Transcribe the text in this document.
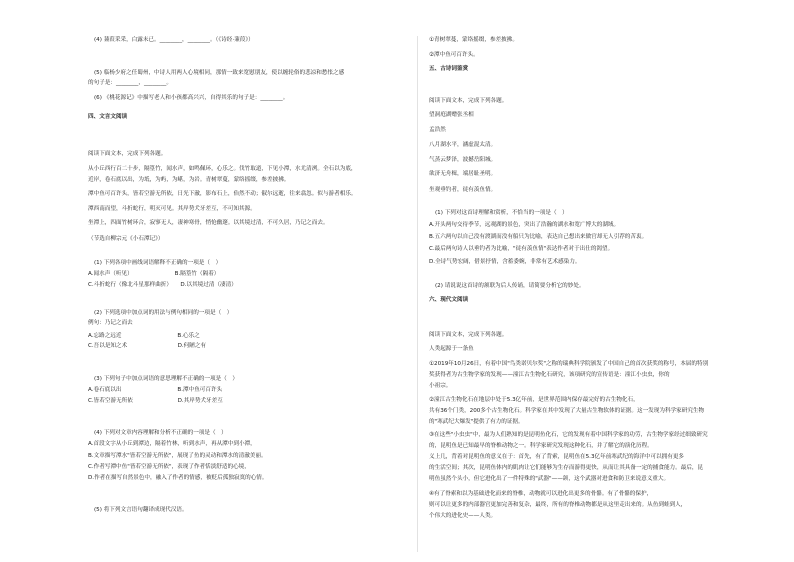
(4) 蒹葭采采，白露未已。________，________。（《诗经·蒹葭》）
(5) 临杨少府之任蜀州，中诗人用两人心境相同，那情一致来宽慰朋友，使以缠轮俗的悲凉和愁怅之感
的句子是：________，________。
(6) 《桃花源记》中描写老人和小孩都高兴兴，自得其乐的句子是：________。
四、文言文阅读
阅读下面文本，完成下列各题。
从小丘西行百二十步，隔篁竹，闻水声，如鸣佩环，心乐之。伐竹取道，下见小潭，水尤清冽。全石以为底，
近岸，卷石底以出，为坻，为屿，为嵁，为岩。青树翠蔓，蒙络摇缀，参差披拂。
潭中鱼可百许头，皆若空游无所依，日光下澈，影布石上，佁然不动；俶尔远逝，往来翕忽。似与游者相乐。
潭西南而望，斗折蛇行，明灭可见。其岸势犬牙差互，不可知其源。
坐潭上，四面竹树环合，寂寥无人，凄神寒骨，悄怆幽邃。以其境过清，不可久居，乃记之而去。
（节选自柳宗元《小石潭记》）
(1) 下列各项中画线词语解释不正确的一项是（　）
A.闻水声（听见）　　　　　　　　B.隔篁竹（隔着）
C.斗折蛇行（像北斗星那样曲折）　　D.以其境过清（凄清）
(2) 下列选项中加点词的用法与例句相同的一项是（　）
例句：乃记之而去
A.忘路之远近　　　　　　　　　　B.心乐之
C.吾以是知之术　　　　　　　　　D.何陋之有
(3) 下列句子中加点词语的意思理解不正确的一项是（　）
A.卷石底以出　　　　　　　　　　B.潭中鱼可百许头
C.皆若空游无所依　　　　　　　　D.其岸势犬牙差互
(4) 下列对文章内容理解和分析不正确的一项是（　）
A.首段文字从小丘到潭边，隔着竹林，听到水声，再从潭中到小潭，
B.文章描写潭水"皆若空游无所依"，展现了鱼的灵动和潭水的清澈美丽。
C.作者写潭中鱼"皆若空游无所依"，表现了作者恬淡舒适的心境，
D.作者在描写自然景色中，融入了作者的情感，被贬后孤独寂寞的心情。
(5) 将下列文言语句翻译成现代汉语。
①青树翠蔓，蒙络摇缀，参差披拂。
②潭中鱼可百许头。
五、古诗词鉴赏
阅读下面文本，完成下列各题。
望洞庭湖赠张丞相
孟浩然
八月湖水平，涵虚混太清。
气蒸云梦泽，波撼岳阳城。
欲济无舟楫，端居耻圣明。
坐观垂钓者，徒有羡鱼情。
(1) 下列对这首诗理解和赏析，不恰当的一项是（　）
A.开头两句交待季节，远观湖的景色，突出了浩瀚的湖水和宽广博大的湖域。
B.五六两句以自己没有渡湖而没有船只为比喻，表达自己想出来做官却无人引荐的苦衷。
C.最后两句诗人以垂钓者为比喻，"徒有羡鱼情"表达作者对于出仕的渴望。
D.全诗气势宏阔，借景抒情，含蓄委婉，非常有艺术感染力。
(2) 请说说这首诗的颔联为后人传诵，请简要分析它的妙处。
六、现代文阅读
阅读下面文本，完成下列各题。
人类起源于一条鱼
①2019年10月26日，有着中国"鸟类诺贝尔奖"之称的瑞典科学院颁发了中国自己的首次获奖的称号，本届的特别
奖获得者为古生物学家的发现——潼江古生物化石研究，该项研究的宣传语是：潼江小虫虫，你的
小祖宗。
②潼江古生物化石在地层中处于5.3亿年前，是世界范围内保存最完好的古生物化石，
共有36个门类，200多个古生物化石。科学家在其中发现了大量古生物软体的证据。这一发现为科学家研究生物
的"寒武纪大爆发"提供了有力的证据。
③在这些"小虫虫"中，最为人们熟知的是昆明鱼化石，它的发现有着中国科学家的功劳，古生物学家经过细致研究
的，昆明鱼是已知最早的脊椎动物之一。科学家研究发现这种化石，并了解它的演化历程。
义上几，背着对昆明鱼的意义在于：首先，有了背索，昆明鱼在5.3亿年前寒武纪的海洋中可以拥有更多
的生活空间；其次，昆明鱼体内的肌肉让它们能够为生存而游得更快，从而让其具备一定的捕食能力。最后，昆
明鱼虽然个头小，但它进化出了一件特殊的"武器"——颌，这个武器对进食和防卫来说意义重大。
④有了脊索和以为基础进化而来的脊椎，动物就可以进化出更多的骨骼。有了骨骼的保护，
则可以让更多的内部器官更加完善和复杂，最终，所有的脊椎动物都是从这里走出来的。从鱼到蛙到人，
个伟大的进化史——人类。
